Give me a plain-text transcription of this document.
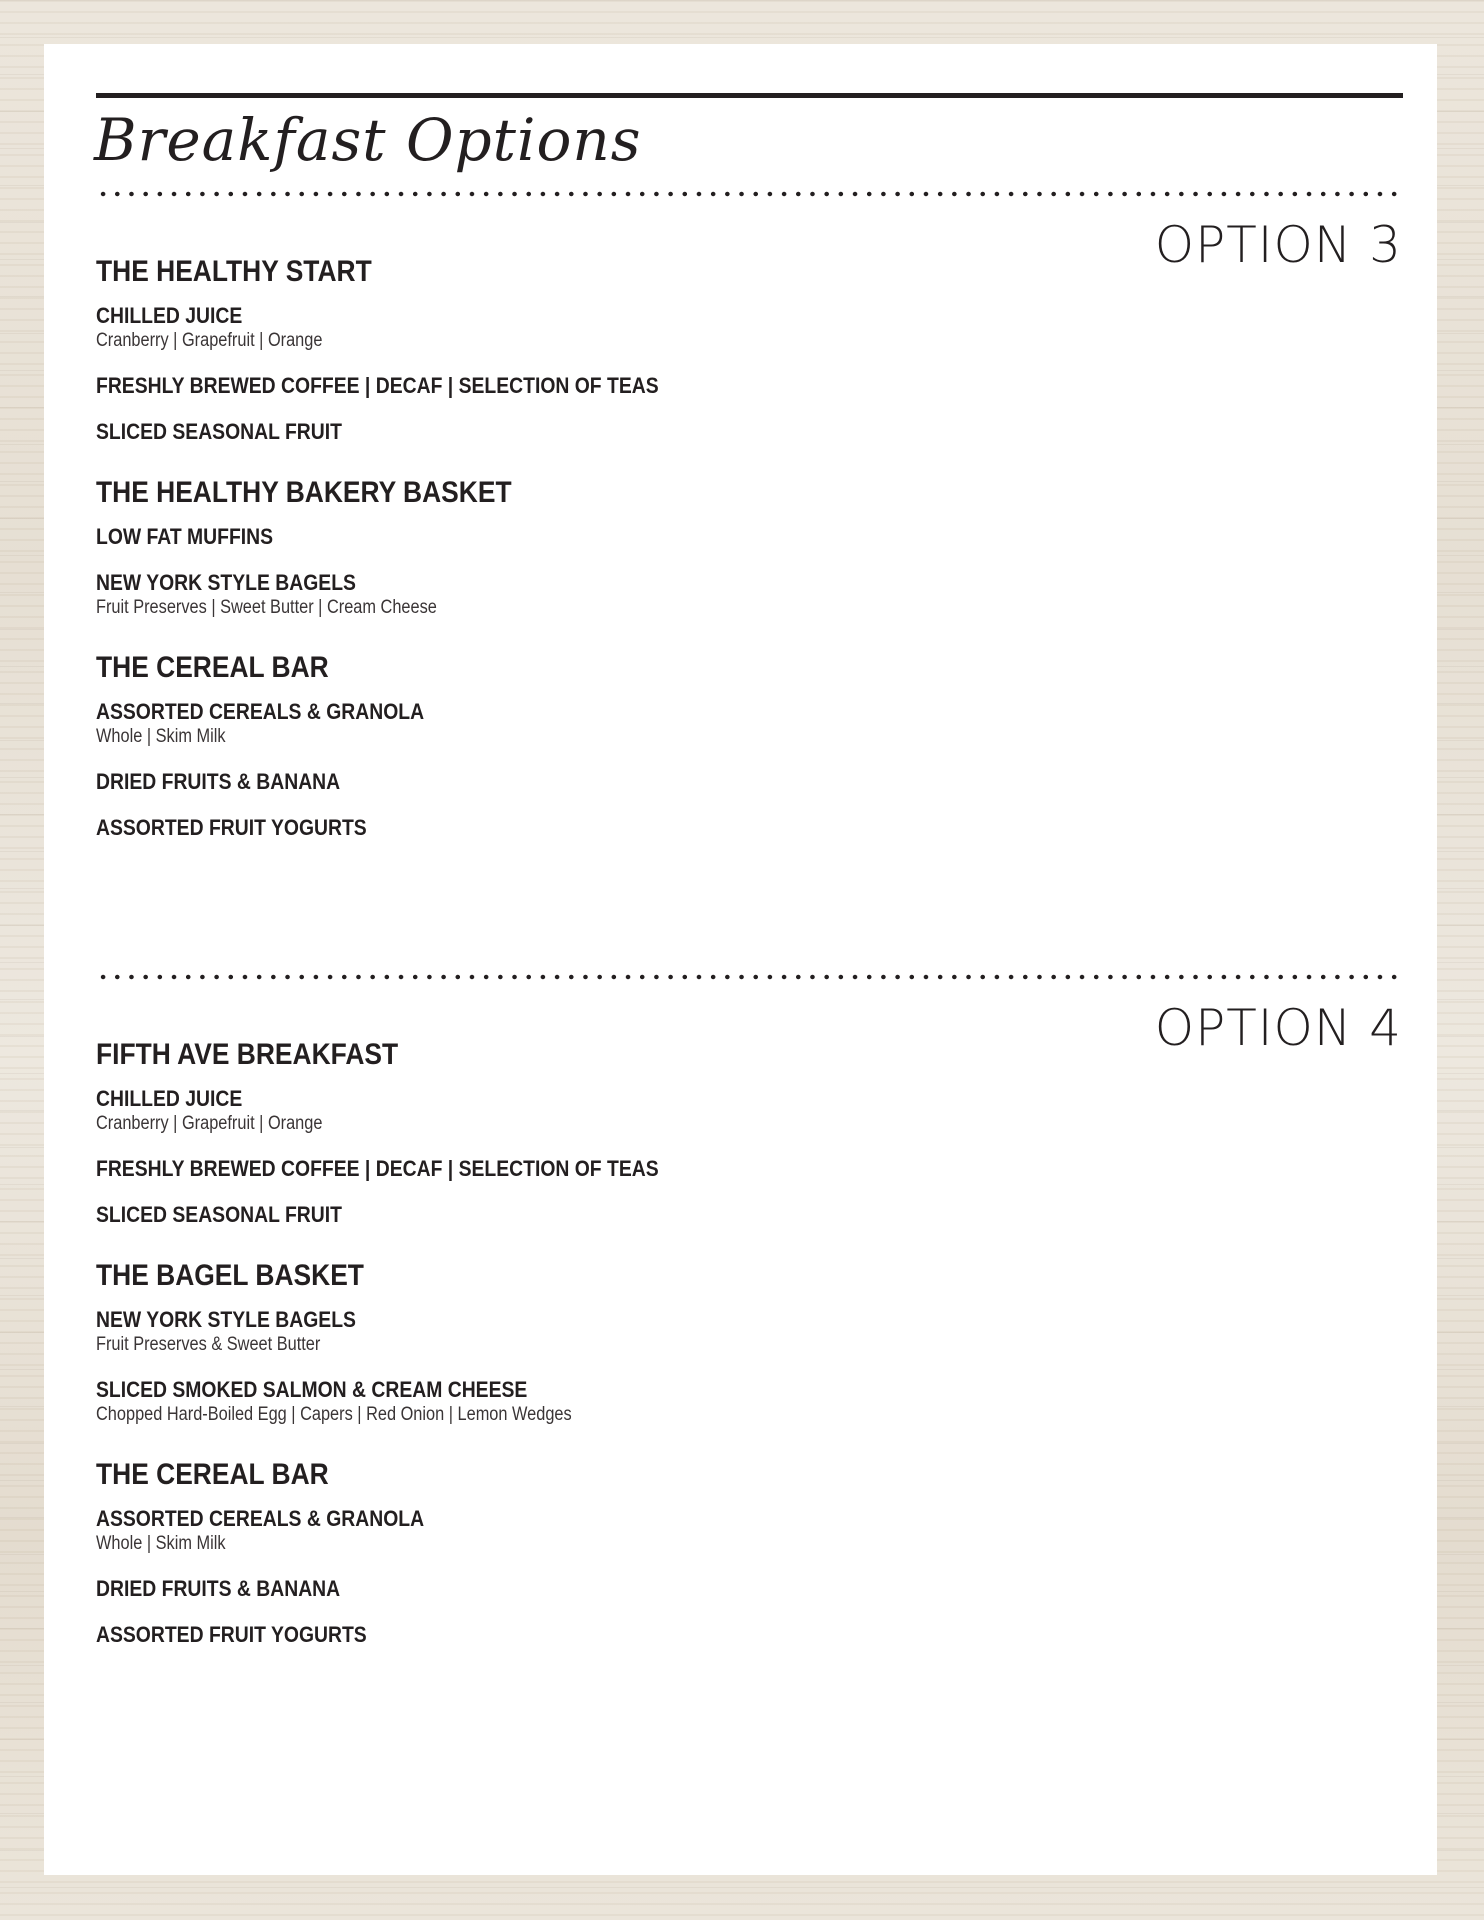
Breakfast Options

OPTION 3

THE HEALTHY START

CHILLED JUICE

Cranberry | Grapefruit | Orange

FRESHLY BREWED COFFEE | DECAF | SELECTION OF TEAS

SLICED SEASONAL FRUIT

THE HEALTHY BAKERY BASKET

LOW FAT MUFFINS

NEW YORK STYLE BAGELS

Fruit Preserves | Sweet Butter | Cream Cheese

THE CEREAL BAR

ASSORTED CEREALS & GRANOLA

Whole | Skim Milk

DRIED FRUITS & BANANA

ASSORTED FRUIT YOGURTS

OPTION 4

FIFTH AVE BREAKFAST

CHILLED JUICE

Cranberry | Grapefruit | Orange

FRESHLY BREWED COFFEE | DECAF | SELECTION OF TEAS

SLICED SEASONAL FRUIT

THE BAGEL BASKET

NEW YORK STYLE BAGELS

Fruit Preserves & Sweet Butter

SLICED SMOKED SALMON & CREAM CHEESE

Chopped Hard-Boiled Egg | Capers | Red Onion | Lemon Wedges

THE CEREAL BAR

ASSORTED CEREALS & GRANOLA

Whole | Skim Milk

DRIED FRUITS & BANANA

ASSORTED FRUIT YOGURTS
